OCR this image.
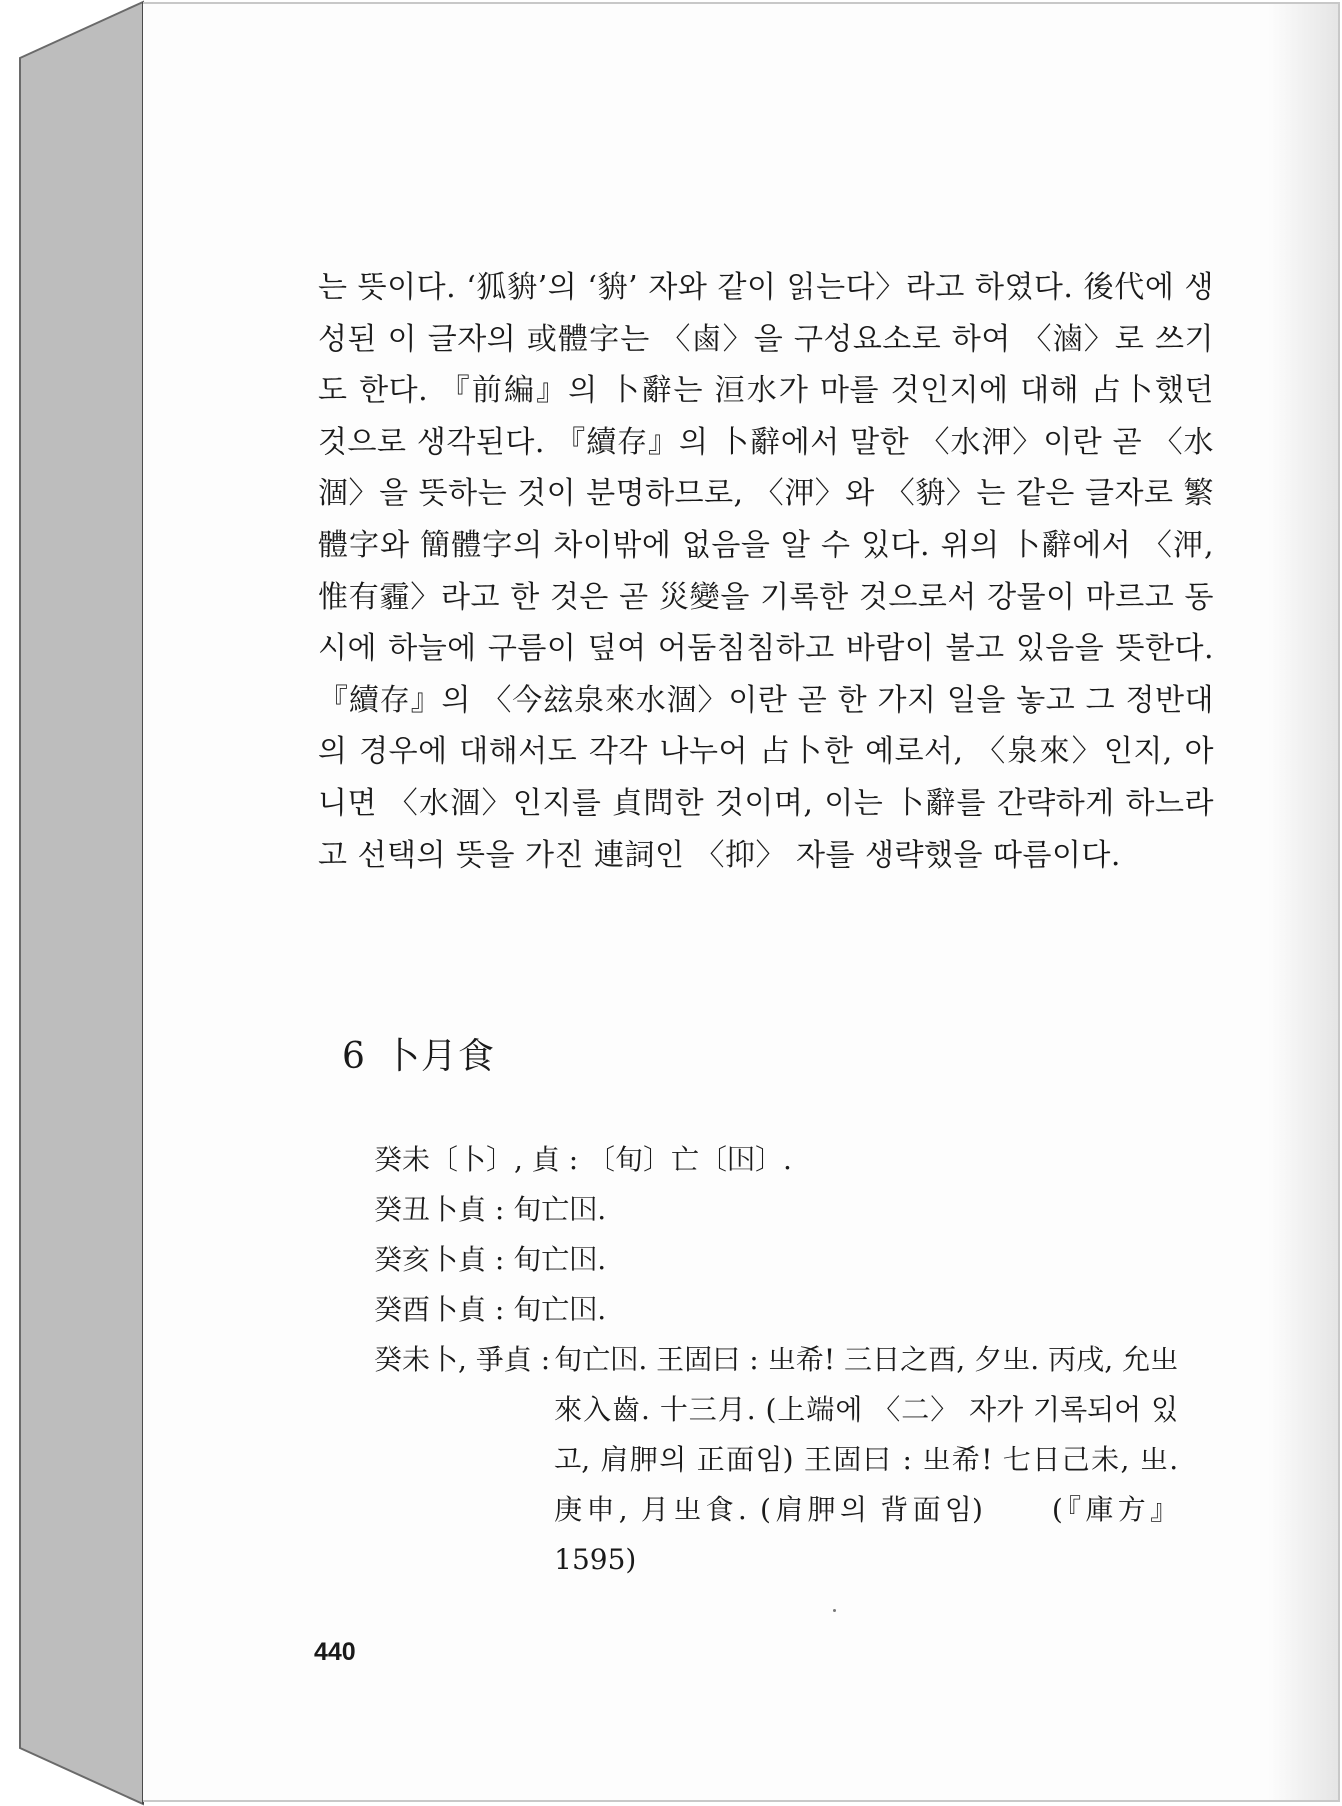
는 뜻이다. ‘狐貈’의 ‘貈’ 자와 같이 읽는다〉라고 하였다. 後代에 생성된 이 글자의 或體字는 〈鹵〉을 구성요소로 하여 〈滷〉로 쓰기도 한다. 『前編』의 卜辭는 洹水가 마를 것인지에 대해 占卜했던 것으로 생각된다. 『續存』의 卜辭에서 말한 〈水㳌〉이란 곧 〈水涸〉을 뜻하는 것이 분명하므로, 〈㳌〉와 〈貈〉는 같은 글자로 繁體字와 簡體字의 차이밖에 없음을 알 수 있다. 위의 卜辭에서 〈㳌, 惟有霾〉라고 한 것은 곧 災變을 기록한 것으로서 강물이 마르고 동시에 하늘에 구름이 덮여 어둠침침하고 바람이 불고 있음을 뜻한다. 『續存』의 〈今玆泉來水涸〉이란 곧 한 가지 일을 놓고 그 정반대의 경우에 대해서도 각각 나누어 占卜한 예로서, 〈泉來〉인지, 아니면 〈水涸〉인지를 貞問한 것이며, 이는 卜辭를 간략하게 하느라고 선택의 뜻을 가진 連詞인 〈抑〉 자를 생략했을 따름이다.

6 卜月食
癸未〔卜〕, 貞 : 〔旬〕亡〔𡆥〕.
癸丑卜貞 : 旬亡𡆥.
癸亥卜貞 : 旬亡𡆥.
癸酉卜貞 : 旬亡𡆥.
癸未卜, 爭貞 : 旬亡𡆥. 王固曰 : 㞢希! 三日之酉, 夕㞢. 丙戌, 允㞢來入齒. 十三月. (上端에 〈二〉 자가 기록되어 있고, 肩胛의 正面임) 王固曰 : 㞢希! 七日己未, 㞢. 庚申, 月㞢食. (肩胛의 背面임)　　(『庫方』 1595)
440
